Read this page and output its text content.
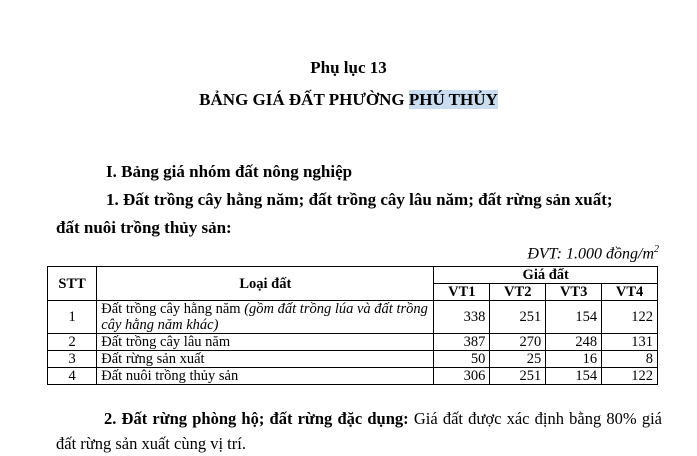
Phụ lục 13
BẢNG GIÁ ĐẤT PHƯỜNG PHÚ THỦY
I. Bảng giá nhóm đất nông nghiệp
1. Đất trồng cây hằng năm; đất trồng cây lâu năm; đất rừng sản xuất;
đất nuôi trồng thủy sản:
ĐVT: 1.000 đồng/$m^2$
STT	Loại đất	Giá đất			
		VT1	VT2	VT3	VT4
1	Đất trồng cây hằng năm (gồm đất trồng lúa và đất trồng cây hằng năm khác)	338	251	154	122
2	Đất trồng cây lâu năm	387	270	248	131
3	Đất rừng sản xuất	50	25	16	8
4	Đất nuôi trồng thủy sản	306	251	154	122
2. Đất rừng phòng hộ; đất rừng đặc dụng: Giá đất được xác định bằng 80% giá đất rừng sản xuất cùng vị trí.
